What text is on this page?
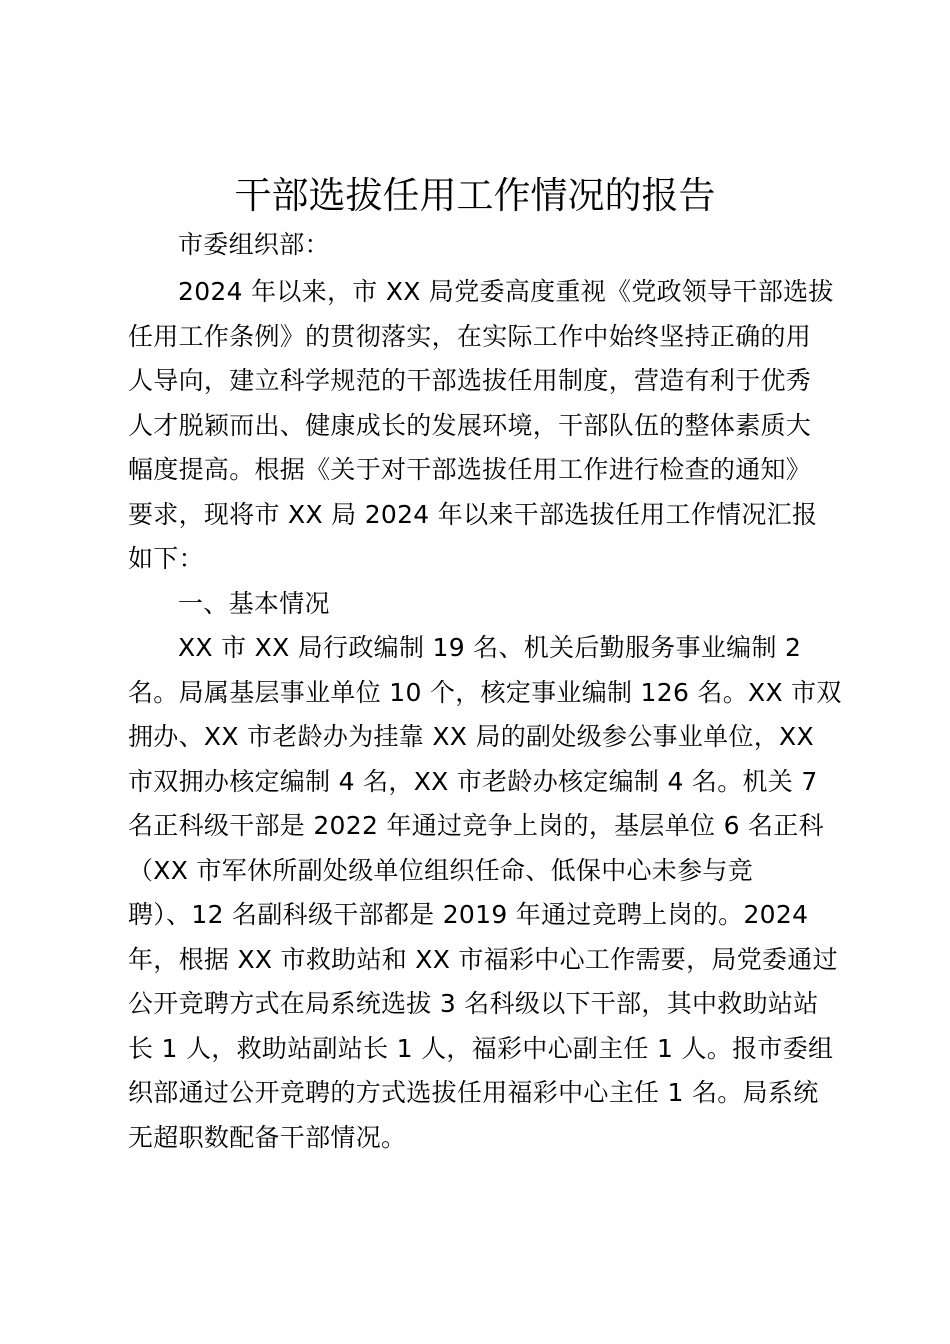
干部选拔任用工作情况的报告
市委组织部：
2024 年以来，市 XX 局党委高度重视《党政领导干部选拔
任用工作条例》的贯彻落实，在实际工作中始终坚持正确的用
人导向，建立科学规范的干部选拔任用制度，营造有利于优秀
人才脱颖而出、健康成长的发展环境，干部队伍的整体素质大
幅度提高。根据《关于对干部选拔任用工作进行检查的通知》
要求，现将市 XX 局 2024 年以来干部选拔任用工作情况汇报
如下：
一、基本情况
XX 市 XX 局行政编制 19 名、机关后勤服务事业编制 2
名。局属基层事业单位 10 个，核定事业编制 126 名。XX 市双
拥办、XX 市老龄办为挂靠 XX 局的副处级参公事业单位，XX
市双拥办核定编制 4 名，XX 市老龄办核定编制 4 名。机关 7
名正科级干部是 2022 年通过竞争上岗的，基层单位 6 名正科
（XX 市军休所副处级单位组织任命、低保中心未参与竞
聘）、12 名副科级干部都是 2019 年通过竞聘上岗的。2024
年，根据 XX 市救助站和 XX 市福彩中心工作需要，局党委通过
公开竞聘方式在局系统选拔 3 名科级以下干部，其中救助站站
长 1 人，救助站副站长 1 人，福彩中心副主任 1 人。报市委组
织部通过公开竞聘的方式选拔任用福彩中心主任 1 名。局系统
无超职数配备干部情况。
